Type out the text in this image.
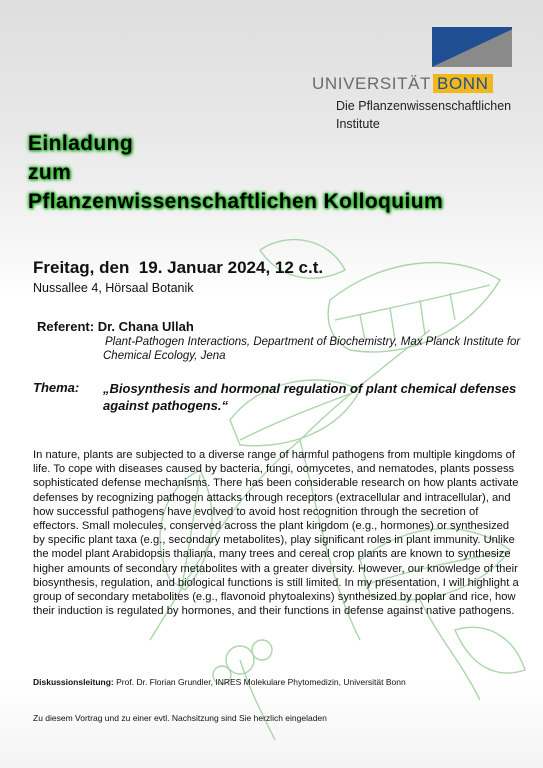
UNIVERSITÄT BONN
Die Pflanzenwissenschaftlichen
Institute
Einladung
zum
Pflanzenwissenschaftlichen Kolloquium
Freitag, den  19. Januar 2024, 12 c.t.
Nussallee 4, Hörsaal Botanik
Referent: Dr. Chana Ullah
Plant-Pathogen Interactions, Department of Biochemistry, Max Planck Institute for Chemical Ecology, Jena
Thema: „Biosynthesis and hormonal regulation of plant chemical defenses against pathogens.“
In nature, plants are subjected to a diverse range of harmful pathogens from multiple kingdoms of life. To cope with diseases caused by bacteria, fungi, oomycetes, and nematodes, plants possess sophisticated defense mechanisms. There has been considerable research on how plants activate defenses by recognizing pathogen attacks through receptors (extracellular and intracellular), and how successful pathogens have evolved to avoid host recognition through the secretion of effectors. Small molecules, conserved across the plant kingdom (e.g., hormones) or synthesized by specific plant taxa (e.g., secondary metabolites), play significant roles in plant immunity. Unlike the model plant Arabidopsis thaliana, many trees and cereal crop plants are known to synthesize higher amounts of secondary metabolites with a greater diversity. However, our knowledge of their biosynthesis, regulation, and biological functions is still limited. In my presentation, I will highlight a group of secondary metabolites (e.g., flavonoid phytoalexins) synthesized by poplar and rice, how their induction is regulated by hormones, and their functions in defense against native pathogens.
Diskussionsleitung: Prof. Dr. Florian Grundler, INRES Molekulare Phytomedizin, Universität Bonn
Zu diesem Vortrag und zu einer evtl. Nachsitzung sind Sie herzlich eingeladen
